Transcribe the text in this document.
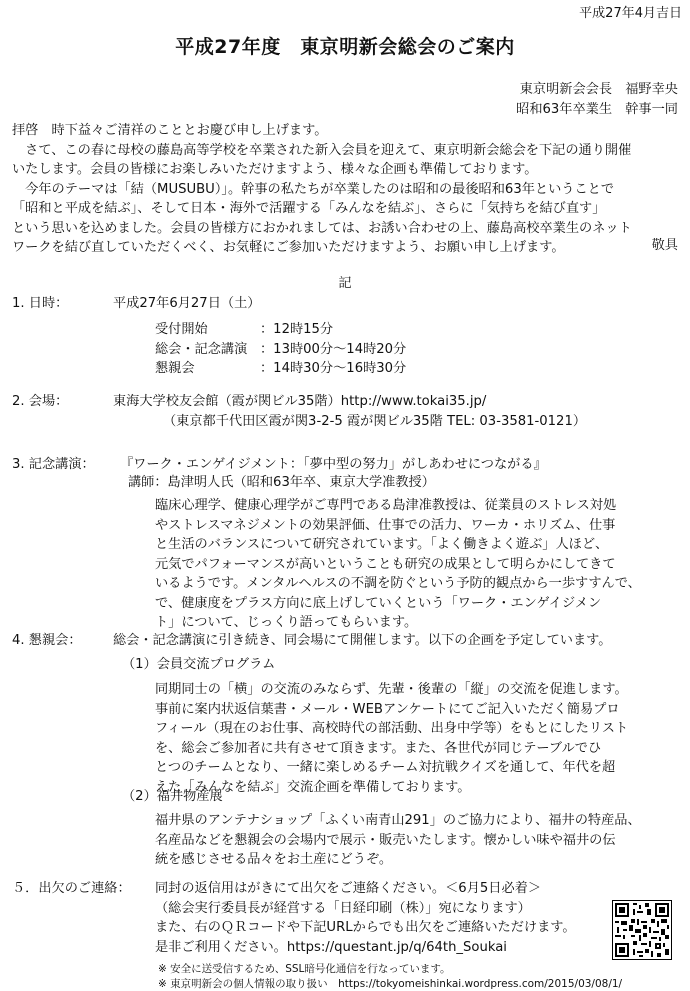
平成27年4月吉日
平成27年度　東京明新会総会のご案内
東京明新会会長　福野幸央
昭和63年卒業生　幹事一同
拝啓　時下益々ご清祥のこととお慶び申し上げます。
　さて、この春に母校の藤島高等学校を卒業された新入会員を迎えて、東京明新会総会を下記の通り開催
いたします。会員の皆様にお楽しみいただけますよう、様々な企画も準備しております。
　今年のテーマは「結（MUSUBU）」。幹事の私たちが卒業したのは昭和の最後昭和63年ということで
「昭和と平成を結ぶ」、そして日本・海外で活躍する「みんなを結ぶ」、さらに「気持ちを結び直す」
という思いを込めました。会員の皆様方におかれましては、お誘い合わせの上、藤島高校卒業生のネット
ワークを結び直していただくべく、お気軽にご参加いただけますよう、お願い申し上げます。	敬具
記
1. 日時：	平成27年6月27日（土）
受付開始	：12時15分
総会・記念講演 ：13時00分～14時20分
懇親会	：14時30分～16時30分
2. 会場：	東海大学校友会館（霞が関ビル35階）http://www.tokai35.jp/
（東京都千代田区霞が関3-2-5 霞が関ビル35階 TEL: 03-3581-0121）
3. 記念講演： 『ワーク・エンゲイジメント：「夢中型の努力」がしあわせにつながる』
講師：島津明人氏（昭和63年卒、東京大学准教授）
臨床心理学、健康心理学がご専門である島津准教授は、従業員のストレス対処
やストレスマネジメントの効果評価、仕事での活力、ワーカ・ホリズム、仕事
と生活のバランスについて研究されています。「よく働きよく遊ぶ」人ほど、
元気でパフォーマンスが高いということも研究の成果として明らかにしてきて
いるようです。メンタルヘルスの不調を防ぐという予防的観点から一歩すすんで、
で、健康度をプラス方向に底上げしていくという「ワーク・エンゲイジメン
ト」について、じっくり語ってもらいます。
4. 懇親会： 総会・記念講演に引き続き、同会場にて開催します。以下の企画を予定しています。
（1）会員交流プログラム
同期同士の「横」の交流のみならず、先輩・後輩の「縦」の交流を促進します。
事前に案内状返信葉書・メール・WEBアンケートにてご記入いただく簡易プロ
フィール（現在のお仕事、高校時代の部活動、出身中学等）をもとにしたリスト
を、総会ご参加者に共有させて頂きます。また、各世代が同じテーブルでひ
とつのチームとなり、一緒に楽しめるチーム対抗戦クイズを通して、年代を超
えた「みんなを結ぶ」交流企画を準備しております。
（2）福井物産展
福井県のアンテナショップ「ふくい南青山291」のご協力により、福井の特産品、
名産品などを懇親会の会場内で展示・販売いたします。懐かしい味や福井の伝
統を感じさせる品々をお土産にどうぞ。
５．出欠のご連絡： 同封の返信用はがきにて出欠をご連絡ください。＜6月5日必着＞
（総会実行委員長が経営する「日経印刷（株）」宛になります）
また、右のＱＲコードや下記URLからでも出欠をご連絡いただけます。
是非ご利用ください。https://questant.jp/q/64th_Soukai
※ 安全に送受信するため、SSL暗号化通信を行なっています。
※ 東京明新会の個人情報の取り扱い　https://tokyomeishinkai.wordpress.com/2015/03/08/1/
